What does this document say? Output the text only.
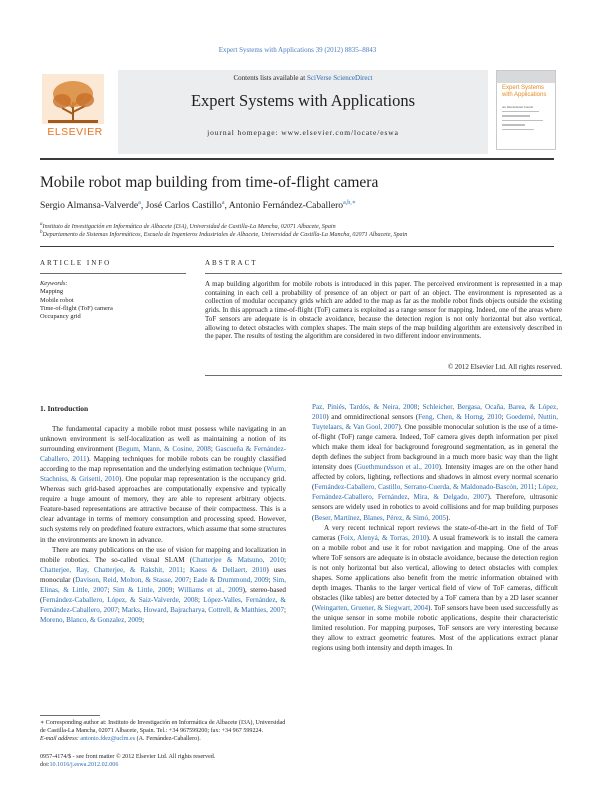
Expert Systems with Applications 39 (2012) 8835–8843
ELSEVIER
Contents lists available at SciVerse ScienceDirect
Expert Systems with Applications
journal homepage: www.elsevier.com/locate/eswa
Expert Systems with Applications
An International Journal
Mobile robot map building from time-of-flight camera
Sergio Almansa-Valverde$^a$, José Carlos Castillo$^a$, Antonio Fernández-Caballero$^{a,b,∗}$
$^a$Instituto de Investigación en Informática de Albacete (I3A), Universidad de Castilla-La Mancha, 02071 Albacete, Spain
$^b$Departamento de Sistemas Informáticos, Escuela de Ingenieros Industriales de Albacete, Universidad de Castilla-La Mancha, 02071 Albacete, Spain
ARTICLE INFO
Keywords:
Mapping
Mobile robot
Time-of-flight (ToF) camera
Occupancy grid
ABSTRACT
A map building algorithm for mobile robots is introduced in this paper. The perceived environment is represented in a map containing in each cell a probability of presence of an object or part of an object. The environment is represented as a collection of modular occupancy grids which are added to the map as far as the mobile robot finds objects outside the existing grids. In this approach a time-of-flight (ToF) camera is exploited as a range sensor for mapping. Indeed, one of the areas where ToF sensors are adequate is in obstacle avoidance, because the detection region is not only horizontal but also vertical, allowing to detect obstacles with complex shapes. The main steps of the map building algorithm are extensively described in the paper. The results of testing the algorithm are considered in two different indoor environments.
© 2012 Elsevier Ltd. All rights reserved.
1. Introduction

The fundamental capacity a mobile robot must possess while navigating in an unknown environment is self-localization as well as maintaining a notion of its surrounding environment (Begum, Mann, & Cosine, 2008; Gascueña & Fernández-Caballero, 2011). Mapping techniques for mobile robots can be roughly classified according to the map representation and the underlying estimation technique (Wurm, Stachniss, & Grisetti, 2010). One popular map representation is the occupancy grid. Whereas such grid-based approaches are computationally expensive and typically require a huge amount of memory, they are able to represent arbitrary objects. Feature-based representations are attractive because of their compactness. This is a clear advantage in terms of memory consumption and processing speed. However, such systems rely on predefined feature extractors, which assume that some structures in the environments are known in advance.

There are many publications on the use of vision for mapping and localization in mobile robotics. The so-called visual SLAM (Chatterjee & Matsuno, 2010; Chatterjee, Ray, Chatterjee, & Rakshit, 2011; Kaess & Dellaert, 2010) uses monocular (Davison, Reid, Molton, & Stasse, 2007; Eade & Drummond, 2009; Sim, Elinas, & Little, 2007; Sim & Little, 2009; Williams et al., 2009), stereo-based (Fernández-Caballero, López, & Saiz-Valverde, 2008; López-Valles, Fernández, & Fernández-Caballero, 2007; Marks, Howard, Bajracharya, Cottrell, & Matthies, 2007; Moreno, Blanco, & Gonzalez, 2009;

Paz, Piniés, Tardós, & Neira, 2008; Schleicher, Bergasa, Ocaña, Barea, & López, 2010) and omnidirectional sensors (Feng, Chen, & Horng, 2010; Goedemé, Nuttin, Tuytelaars, & Van Gool, 2007). One possible monocular solution is the use of a time-of-flight (ToF) range camera. Indeed, ToF camera gives depth information per pixel which make them ideal for background foreground segmentation, as in general the depth defines the subject from background in a much more basic way than the light intensity does (Guethmundsson et al., 2010). Intensity images are on the other hand affected by colors, lighting, reflections and shadows in almost every normal scenario (Fernández-Caballero, Castillo, Serrano-Cuerda, & Maldonado-Bascón, 2011; López, Fernández-Caballero, Fernández, Mira, & Delgado, 2007). Therefore, ultrasonic sensors are widely used in robotics to avoid collisions and for map building purposes (Beser, Martínez, Blanes, Pérez, & Simó, 2005).

A very recent technical report reviews the state-of-the-art in the field of ToF cameras (Foix, Alenyá, & Torras, 2010). A usual framework is to install the camera on a mobile robot and use it for robot navigation and mapping. One of the areas where ToF sensors are adequate is in obstacle avoidance, because the detection region is not only horizontal but also vertical, allowing to detect obstacles with complex shapes. Some applications also benefit from the metric information obtained with depth images. Thanks to the larger vertical field of view of ToF cameras, difficult obstacles (like tables) are better detected by a ToF camera than by a 2D laser scanner (Weingarten, Gruener, & Siegwart, 2004). ToF sensors have been used successfully as the unique sensor in some mobile robotic applications, despite their characteristic limited resolution. For mapping purposes, ToF sensors are very interesting because they allow to extract geometric features. Most of the applications extract planar regions using both intensity and depth images. In

∗ Corresponding author at: Instituto de Investigación en Informática de Albacete (I3A), Universidad de Castilla-La Mancha, 02071 Albacete, Spain. Tel.: +34 967599200; fax: +34 967 599224.
E-mail address: antonio.fdez@uclm.es (A. Fernández-Caballero).
0957-4174/$ - see front matter © 2012 Elsevier Ltd. All rights reserved.
doi:10.1016/j.eswa.2012.02.006
